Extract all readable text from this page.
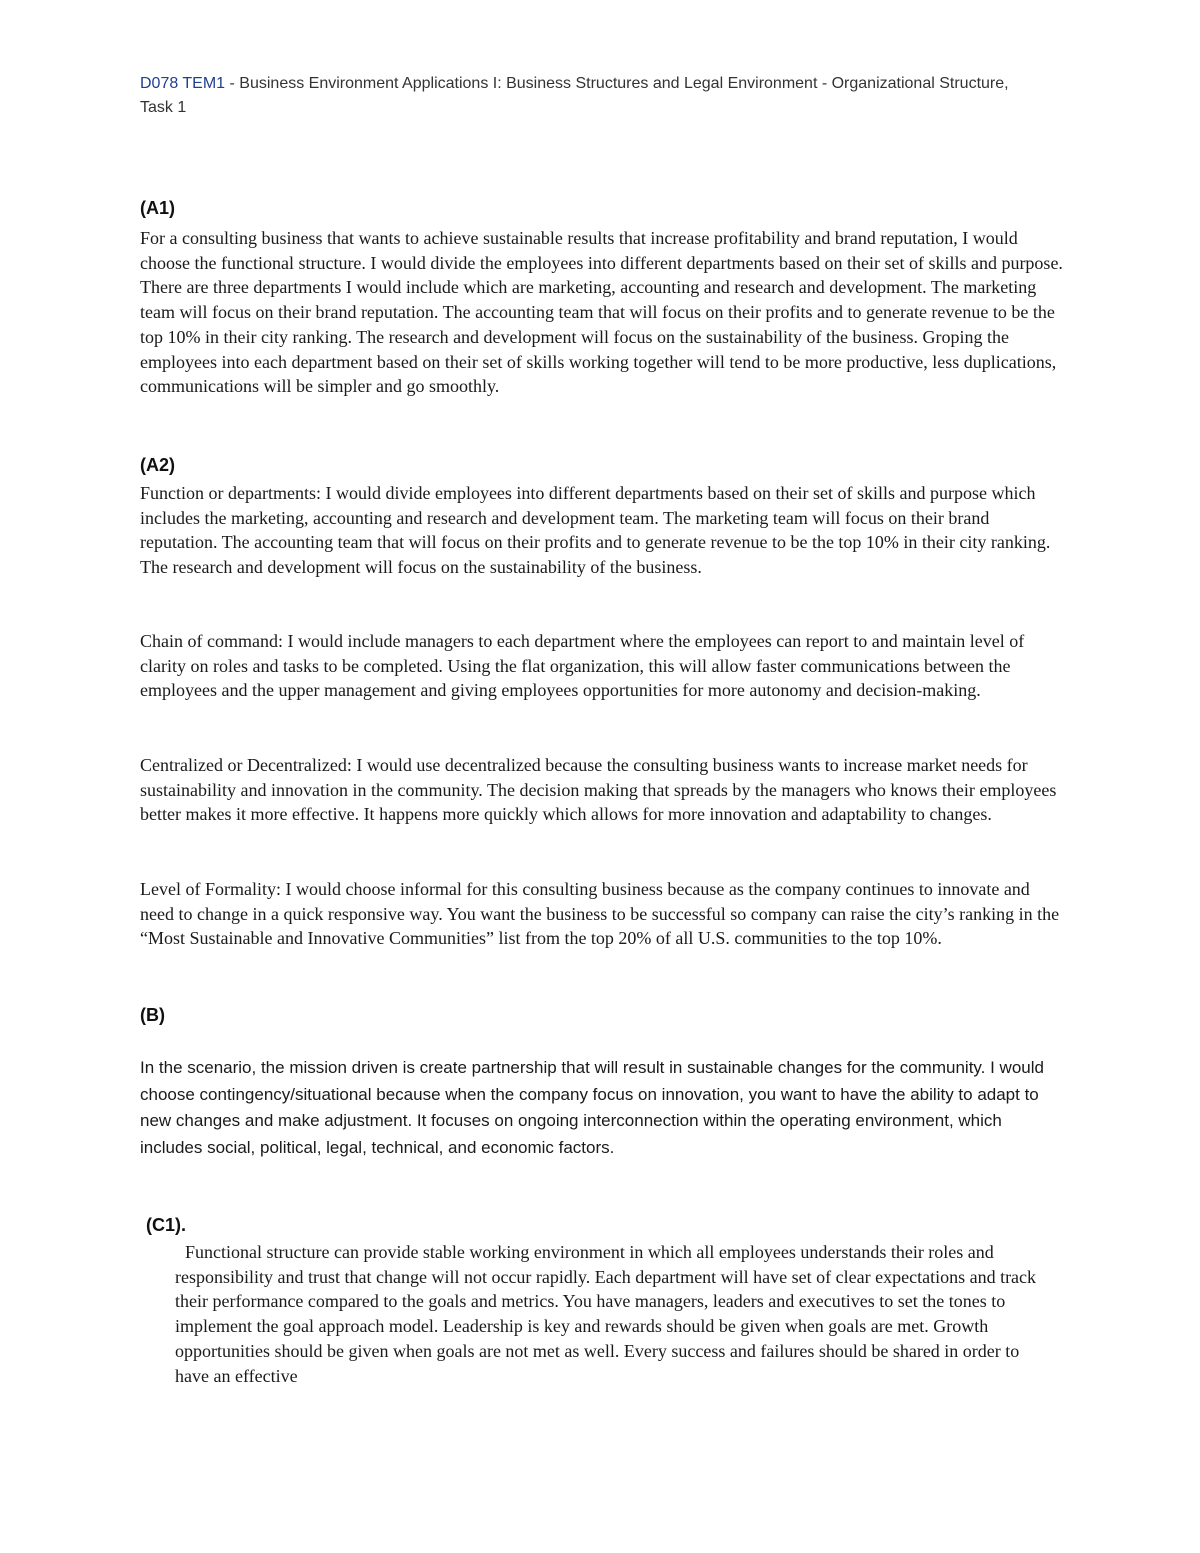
D078 TEM1 - Business Environment Applications I: Business Structures and Legal Environment - Organizational Structure, Task 1
(A1)

For a consulting business that wants to achieve sustainable results that increase profitability and brand reputation, I would choose the functional structure. I would divide the employees into different departments based on their set of skills and purpose. There are three departments I would include which are marketing, accounting and research and development. The marketing team will focus on their brand reputation. The accounting team that will focus on their profits and to generate revenue to be the top 10% in their city ranking. The research and development will focus on the sustainability of the business. Groping the employees into each department based on their set of skills working together will tend to be more productive, less duplications, communications will be simpler and go smoothly.

(A2)

Function or departments: I would divide employees into different departments based on their set of skills and purpose which includes the marketing, accounting and research and development team. The marketing team will focus on their brand reputation. The accounting team that will focus on their profits and to generate revenue to be the top 10% in their city ranking. The research and development will focus on the sustainability of the business.

Chain of command: I would include managers to each department where the employees can report to and maintain level of clarity on roles and tasks to be completed. Using the flat organization, this will allow faster communications between the employees and the upper management and giving employees opportunities for more autonomy and decision-making.

Centralized or Decentralized: I would use decentralized because the consulting business wants to increase market needs for sustainability and innovation in the community. The decision making that spreads by the managers who knows their employees better makes it more effective. It happens more quickly which allows for more innovation and adaptability to changes.

Level of Formality: I would choose informal for this consulting business because as the company continues to innovate and need to change in a quick responsive way. You want the business to be successful so company can raise the city’s ranking in the “Most Sustainable and Innovative Communities” list from the top 20% of all U.S. communities to the top 10%.

(B)

In the scenario, the mission driven is create partnership that will result in sustainable changes for the community. I would choose contingency/situational because when the company focus on innovation, you want to have the ability to adapt to new changes and make adjustment. It focuses on ongoing interconnection within the operating environment, which includes social, political, legal, technical, and economic factors.

(C1).

Functional structure can provide stable working environment in which all employees understands their roles and responsibility and trust that change will not occur rapidly. Each department will have set of clear expectations and track their performance compared to the goals and metrics. You have managers, leaders and executives to set the tones to implement the goal approach model. Leadership is key and rewards should be given when goals are met. Growth opportunities should be given when goals are not met as well. Every success and failures should be shared in order to have an effective
